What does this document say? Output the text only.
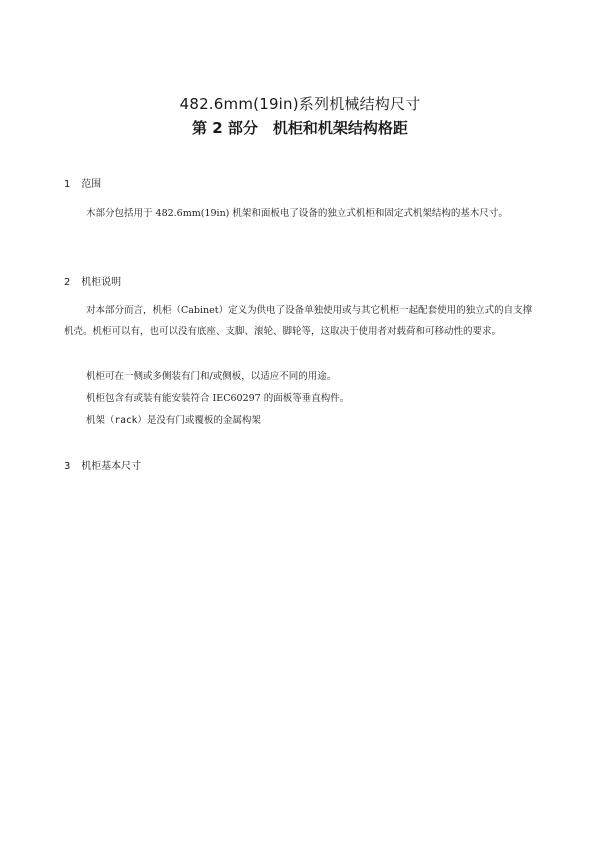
482.6mm(19in)系列机械结构尺寸
第 2 部分　机柜和机架结构格距
1 范围
木部分包括用于 482.6mm(19in) 机架和面板电了设备的独立式机柜和固定式机架结构的基木尺寸。
2 机柜说明
对本部分而言，机柜（Cabinet）定义为供电了设备单独使用或与其它机柜一起配套使用的独立式的自支撑机壳。机柜可以有，也可以没有底座、支脚、滚轮、脚轮等，这取决于使用者对载荷和可移动性的要求。
机柜可在一侧或多侧装有门和/或侧板，以适应不同的用途。
机柜包含有或装有能安装符合 IEC60297 的面板等垂直构件。
机架（rack）是没有门或覆板的金属构架
3 机柜基本尺寸
